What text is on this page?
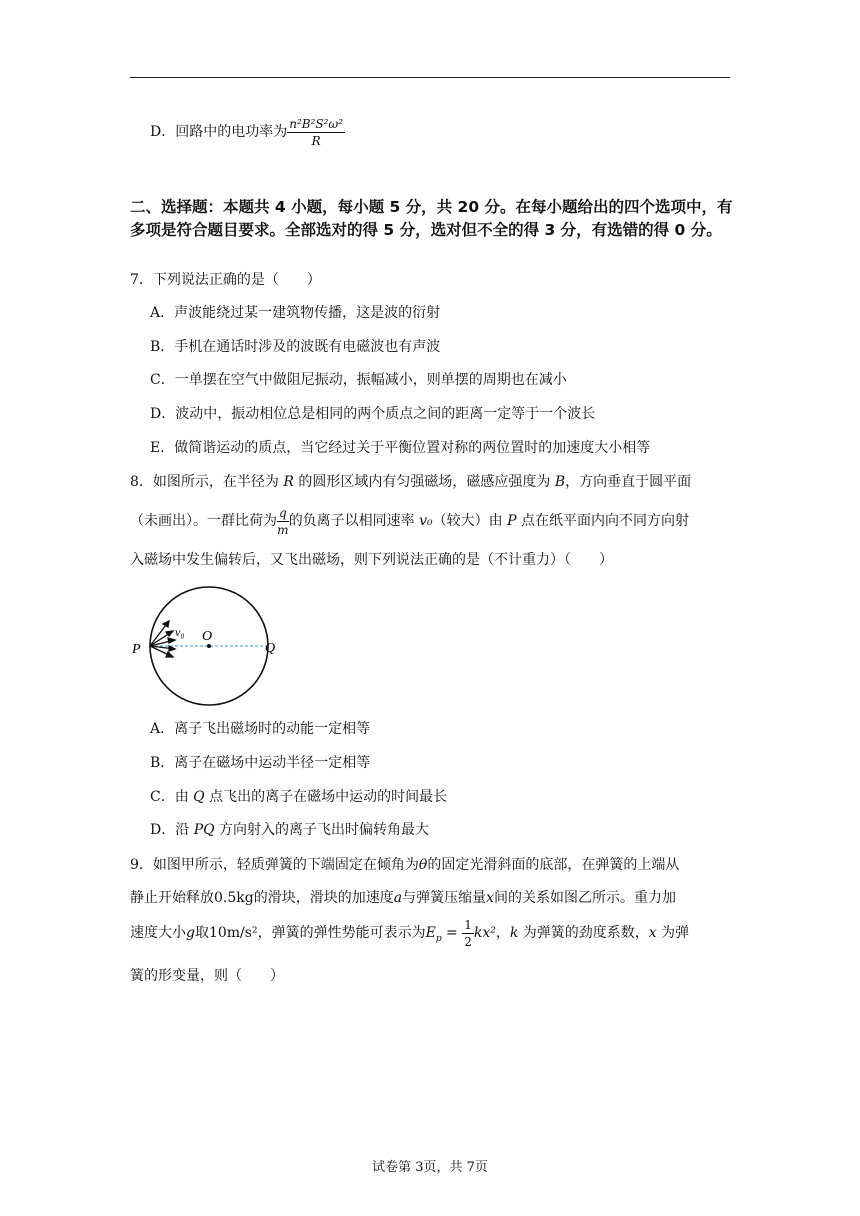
D．回路中的电功率为 $\frac{\text{n²B²S²ω²}}{R}$
二、选择题：本题共 4 小题，每小题 5 分，共 20 分。在每小题给出的四个选项中，有多项是符合题目要求。全部选对的得 5 分，选对但不全的得 3 分，有选错的得 0 分。
7．下列说法正确的是（　　）
A．声波能绕过某一建筑物传播，这是波的衍射
B．手机在通话时涉及的波既有电磁波也有声波
C．一单摆在空气中做阻尼振动，振幅减小，则单摆的周期也在减小
D．波动中，振动相位总是相同的两个质点之间的距离一定等于一个波长
E．做简谐运动的质点，当它经过关于平衡位置对称的两位置时的加速度大小相等
8．如图所示，在半径为 R 的圆形区域内有匀强磁场，磁感应强度为 B，方向垂直于圆平面
（未画出）。一群比荷为 $\frac{q}{m}$ 的负离子以相同速率 v₀（较大）由 P 点在纸平面内向不同方向射
入磁场中发生偏转后，又飞出磁场，则下列说法正确的是（不计重力）（　　）
P
O
Q
v₀
A．离子飞出磁场时的动能一定相等
B．离子在磁场中运动半径一定相等
C．由 Q 点飞出的离子在磁场中运动的时间最长
D．沿 PQ 方向射入的离子飞出时偏转角最大
9．如图甲所示，轻质弹簧的下端固定在倾角为θ的固定光滑斜面的底部，在弹簧的上端从
静止开始释放0.5kg的滑块，滑块的加速度a与弹簧压缩量x间的关系如图乙所示。重力加
速度大小g取10m/s²，弹簧的弹性势能可表示为$E_p = \frac{1}{2} kx^2$，k 为弹簧的劲度系数，x 为弹
簧的形变量，则（　　）
试卷第 3页，共 7页
